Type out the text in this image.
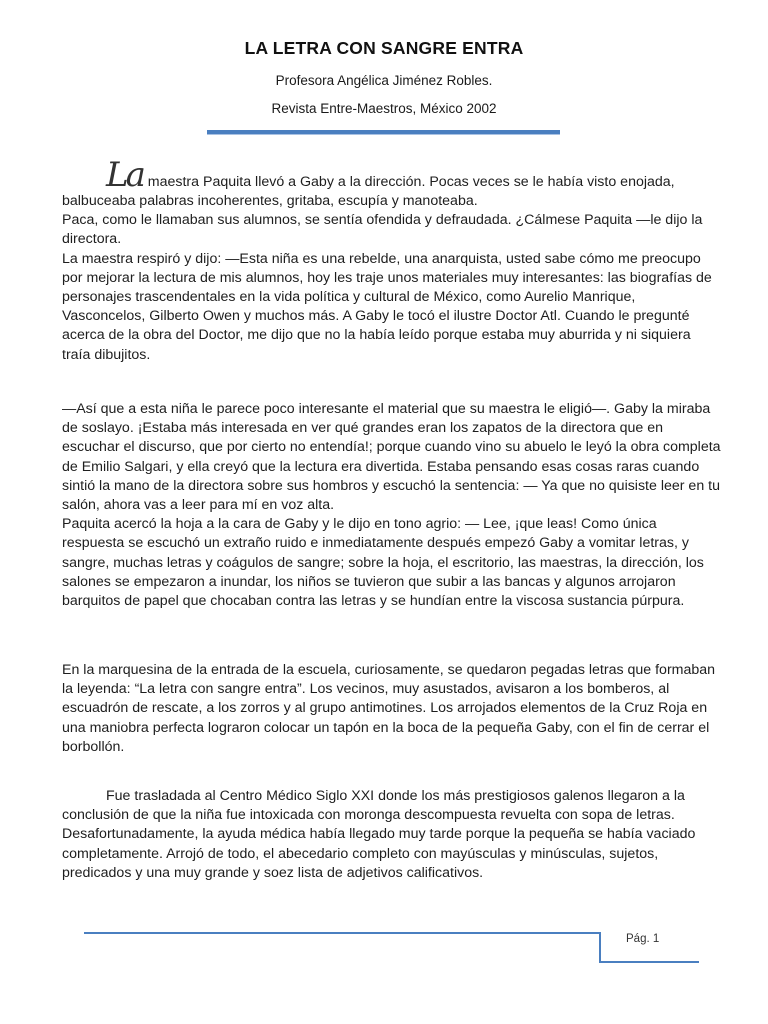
LA LETRA CON SANGRE ENTRA
Profesora Angélica Jiménez Robles.
Revista Entre-Maestros, México 2002
La maestra Paquita llevó a Gaby a la dirección. Pocas veces se le había visto enojada,

balbuceaba palabras incoherentes, gritaba, escupía y manoteaba.

Paca, como le llamaban sus alumnos, se sentía ofendida y defraudada. ¿Cálmese Paquita —le dijo la directora.

La maestra respiró y dijo: —Esta niña es una rebelde, una anarquista, usted sabe cómo me preocupo por mejorar la lectura de mis alumnos, hoy les traje unos materiales muy interesantes: las biografías de personajes trascendentales en la vida política y cultural de México, como Aurelio Manrique, Vasconcelos, Gilberto Owen y muchos más. A Gaby le tocó el ilustre Doctor Atl. Cuando le pregunté acerca de la obra del Doctor, me dijo que no la había leído porque estaba muy aburrida y ni siquiera traía dibujitos.

—Así que a esta niña le parece poco interesante el material que su maestra le eligió—. Gaby la miraba de soslayo. ¡Estaba más interesada en ver qué grandes eran los zapatos de la directora que en escuchar el discurso, que por cierto no entendía!; porque cuando vino su abuelo le leyó la obra completa de Emilio Salgari, y ella creyó que la lectura era divertida. Estaba pensando esas cosas raras cuando sintió la mano de la directora sobre sus hombros y escuchó la sentencia: — Ya que no quisiste leer en tu salón, ahora vas a leer para mí en voz alta.

Paquita acercó la hoja a la cara de Gaby y le dijo en tono agrio: — Lee, ¡que leas! Como única respuesta se escuchó un extraño ruido e inmediatamente después empezó Gaby a vomitar letras, y sangre, muchas letras y coágulos de sangre; sobre la hoja, el escritorio, las maestras, la dirección, los salones se empezaron a inundar, los niños se tuvieron que subir a las bancas y algunos arrojaron barquitos de papel que chocaban contra las letras y se hundían entre la viscosa sustancia púrpura.

En la marquesina de la entrada de la escuela, curiosamente, se quedaron pegadas letras que formaban la leyenda: “La letra con sangre entra”. Los vecinos, muy asustados, avisaron a los bomberos, al escuadrón de rescate, a los zorros y al grupo antimotines. Los arrojados elementos de la Cruz Roja en una maniobra perfecta lograron colocar un tapón en la boca de la pequeña Gaby, con el fin de cerrar el borbollón.

Fue trasladada al Centro Médico Siglo XXI donde los más prestigiosos galenos llegaron a la conclusión de que la niña fue intoxicada con moronga descompuesta revuelta con sopa de letras.

Desafortunadamente, la ayuda médica había llegado muy tarde porque la pequeña se había vaciado completamente. Arrojó de todo, el abecedario completo con mayúsculas y minúsculas, sujetos, predicados y una muy grande y soez lista de adjetivos calificativos.

Pág. 1
